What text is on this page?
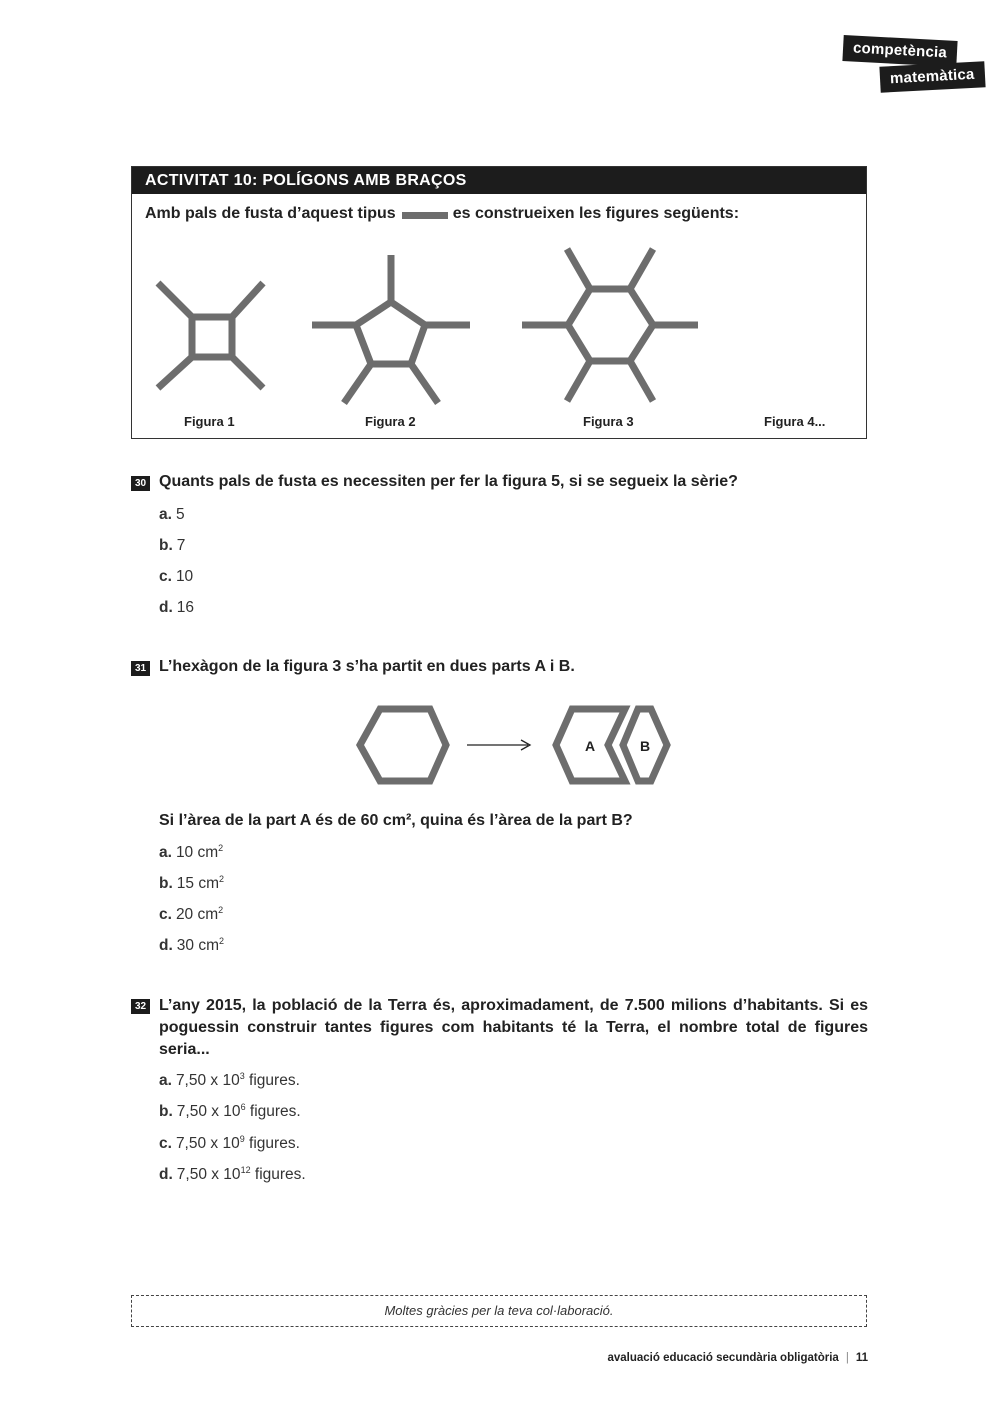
competència
matemàtica
ACTIVITAT 10: POLÍGONS AMB BRAÇOS
Amb pals de fusta d’aquest tipus	es construeixen les figures següents:
Figura 1	Figura 2	Figura 3	Figura 4...
30 Quants pals de fusta es necessiten per fer la figura 5, si se segueix la sèrie?
a. 5
b. 7
c. 10
d. 16
31 L’hexàgon de la figura 3 s’ha partit en dues parts A i B.
A	B
Si l’àrea de la part A és de 60 cm², quina és l’àrea de la part B?
a. 10 $cm^2$
b. 15 $cm^2$
c. 20 $cm^2$
d. 30 $cm^2$
32 L’any 2015, la població de la Terra és, aproximadament, de 7.500 milions d’habitants. Si es poguessin construir tantes figures com habitants té la Terra, el nombre total de figures seria...
a. 7,50 x $10^3$ figures.
b. 7,50 x $10^6$ figures.
c. 7,50 x $10^9$ figures.
d. 7,50 x $10^{12}$ figures.
Moltes gràcies per la teva col·laboració.
avaluació educació secundària obligatòria | 11
